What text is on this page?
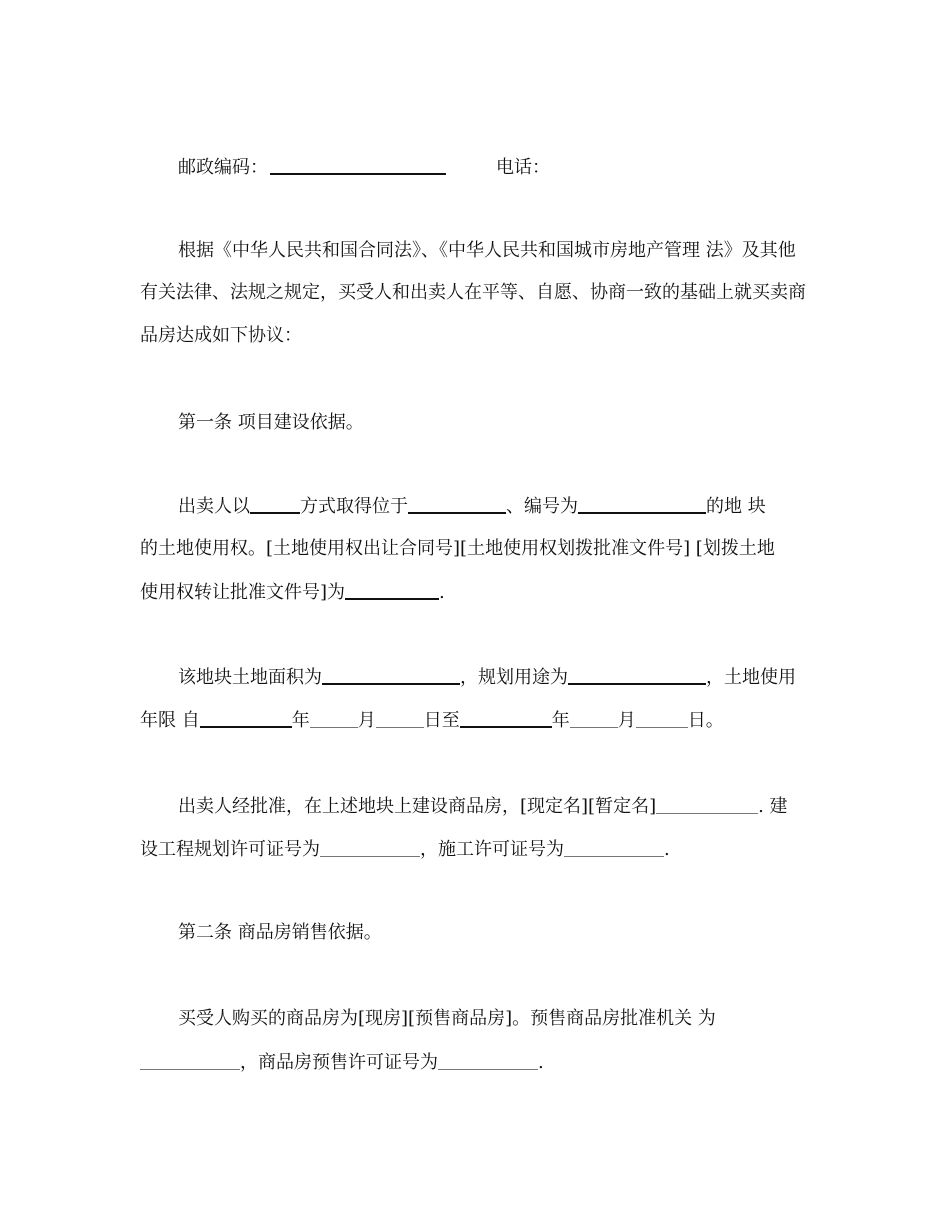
邮政编码：	电话：
根据《中华人民共和国合同法》、《中华人民共和国城市房地产管理 法》及其他
有关法律、法规之规定，买受人和出卖人在平等、自愿、协商一致的基础上就买卖商
品房达成如下协议：
第一条 项目建设依据。
出卖人以	方式取得位于	、编号为	的地 块
的土地使用权。[土地使用权出让合同号][土地使用权划拨批准文件号] [划拨土地
使用权转让批准文件号]为	.
该地块土地面积为	，规划用途为	，土地使用
年限 自	年	月	日至	年	月	日。
出卖人经批准，在上述地块上建设商品房，[现定名][暂定名]	. 建
设工程规划许可证号为	，施工许可证号为	.
第二条 商品房销售依据。
买受人购买的商品房为[现房][预售商品房]。预售商品房批准机关 为
，商品房预售许可证号为	.
